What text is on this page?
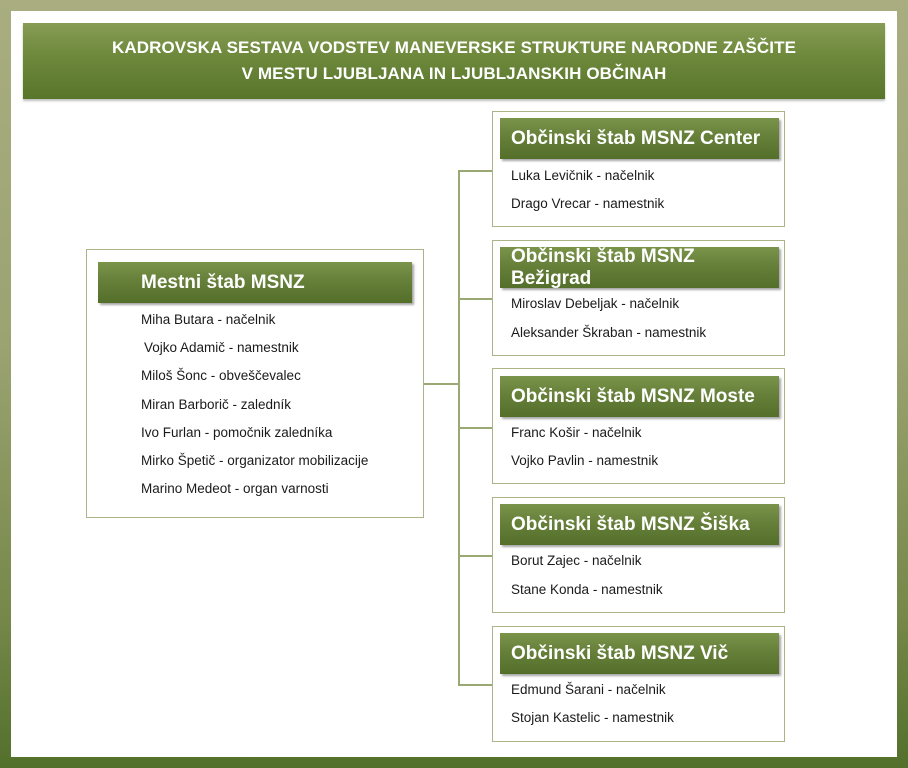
KADROVSKA SESTAVA VODSTEV MANEVERSKE STRUKTURE NARODNE ZAŠČITE
V MESTU LJUBLJANA IN LJUBLJANSKIH OBČINAH
Mestni štab MSNZ
Miha Butara - načelnik
Vojko Adamič - namestnik
Miloš Šonc - obveščevalec
Miran Barborič - zaledník
Ivo Furlan - pomočnik zaledníka
Mirko Špetič - organizator mobilizacije
Marino Medeot - organ varnosti
Občinski štab MSNZ Center
Luka Levičnik - načelnik
Drago Vrecar - namestnik
Občinski štab MSNZ Bežigrad
Miroslav Debeljak - načelnik
Aleksander Škraban - namestnik
Občinski štab MSNZ Moste
Franc Košir - načelnik
Vojko Pavlin - namestnik
Občinski štab MSNZ Šiška
Borut Zajec - načelnik
Stane Konda - namestnik
Občinski štab MSNZ Vič
Edmund Šarani - načelnik
Stojan Kastelic - namestnik
